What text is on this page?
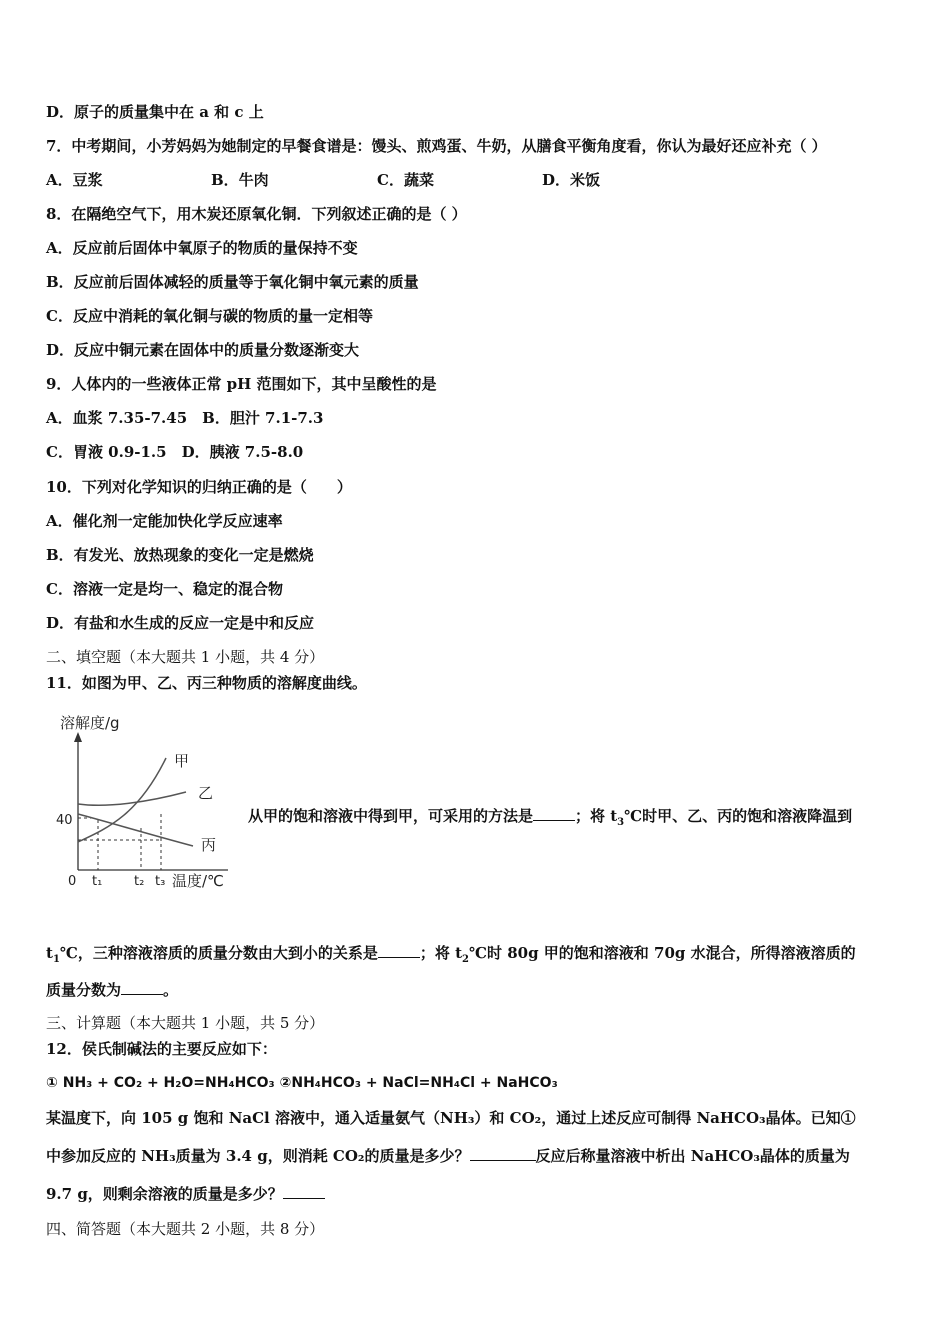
D．原子的质量集中在 a 和 c 上
7．中考期间，小芳妈妈为她制定的早餐食谱是：馒头、煎鸡蛋、牛奶，从膳食平衡角度看，你认为最好还应补充（ ）
A．豆浆	B．牛肉	C．蔬菜	D．米饭
8．在隔绝空气下，用木炭还原氧化铜．下列叙述正确的是（ ）
A．反应前后固体中氧原子的物质的量保持不变
B．反应前后固体减轻的质量等于氧化铜中氧元素的质量
C．反应中消耗的氧化铜与碳的物质的量一定相等
D．反应中铜元素在固体中的质量分数逐渐变大
9．人体内的一些液体正常 pH 范围如下，其中呈酸性的是
A．血浆 7.35-7.45　B．胆汁 7.1-7.3
C．胃液 0.9-1.5　D．胰液 7.5-8.0
10．下列对化学知识的归纳正确的是（　　）
A．催化剂一定能加快化学反应速率
B．有发光、放热现象的变化一定是燃烧
C．溶液一定是均一、稳定的混合物
D．有盐和水生成的反应一定是中和反应
二、填空题（本大题共 1 小题，共 4 分）
11．如图为甲、乙、丙三种物质的溶解度曲线。
溶解度/g
甲
乙
丙
40
0 t₁ t₂ t₃ 温度/℃
从甲的饱和溶液中得到甲，可采用的方法是	；将 $t_3℃$时甲、乙、丙的饱和溶液降温到
$t_1℃$，三种溶液溶质的质量分数由大到小的关系是	；将 $t_2℃$时 80g 甲的饱和溶液和 70g 水混合，所得溶液溶质的
质量分数为	。
三、计算题（本大题共 1 小题，共 5 分）
12．侯氏制碱法的主要反应如下：
① NH₃ + CO₂ + H₂O=NH₄HCO₃ ②NH₄HCO₃ + NaCl=NH₄Cl + NaHCO₃
某温度下，向 105 g 饱和 NaCl 溶液中，通入适量氨气（NH₃）和 CO₂，通过上述反应可制得 NaHCO₃晶体。已知①
中参加反应的 NH₃质量为 3.4 g，则消耗 CO₂的质量是多少？	反应后称量溶液中析出 NaHCO₃晶体的质量为
9.7 g，则剩余溶液的质量是多少？
四、简答题（本大题共 2 小题，共 8 分）
